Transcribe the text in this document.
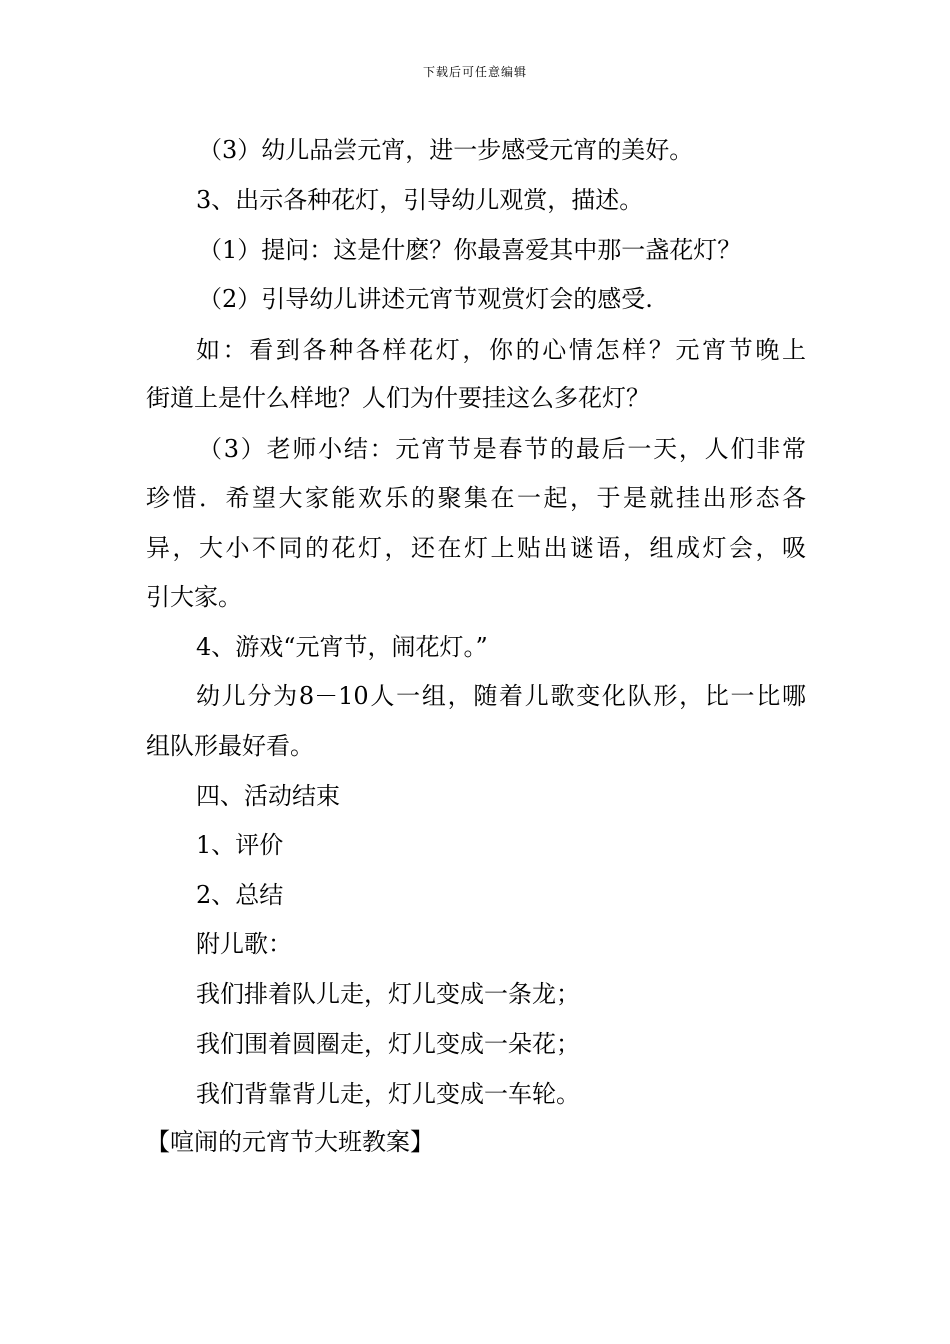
下载后可任意编辑
（3）幼儿品尝元宵，进一步感受元宵的美好。
3、出示各种花灯，引导幼儿观赏，描述。
（1）提问：这是什麽？你最喜爱其中那一盏花灯？
（2）引导幼儿讲述元宵节观赏灯会的感受.
如：看到各种各样花灯，你的心情怎样？元宵节晚上
街道上是什么样地？人们为什要挂这么多花灯？
（3）老师小结：元宵节是春节的最后一天，人们非常
珍惜．希望大家能欢乐的聚集在一起，于是就挂出形态各
异，大小不同的花灯，还在灯上贴出谜语，组成灯会，吸
引大家。
4、游戏“元宵节，闹花灯。”
幼儿分为8－10人一组，随着儿歌变化队形，比一比哪
组队形最好看。
四、活动结束
1、评价
2、总结
附儿歌：
我们排着队儿走，灯儿变成一条龙；
我们围着圆圈走，灯儿变成一朵花；
我们背靠背儿走，灯儿变成一车轮。
【喧闹的元宵节大班教案】
